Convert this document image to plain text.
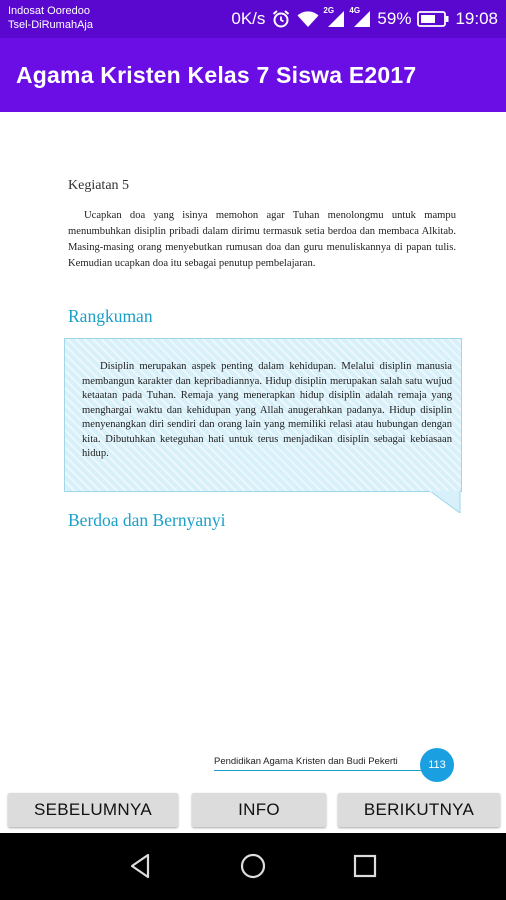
Indosat Ooredoo
Tsel-DiRumahAja	0K/s	2G 4G 59%	19:08
Agama Kristen Kelas 7 Siswa E2017
Kegiatan 5
Ucapkan doa yang isinya memohon agar Tuhan menolongmu untuk mampu menumbuhkan disiplin pribadi dalam dirimu termasuk setia berdoa dan membaca Alkitab. Masing-masing orang menyebutkan rumusan doa dan guru menuliskannya di papan tulis. Kemudian ucapkan doa itu sebagai penutup pembelajaran.
Rangkuman
Disiplin merupakan aspek penting dalam kehidupan. Melalui disiplin manusia membangun karakter dan kepribadiannya. Hidup disiplin merupakan salah satu wujud ketaatan pada Tuhan. Remaja yang menerapkan hidup disiplin adalah remaja yang menghargai waktu dan kehidupan yang Allah anugerahkan padanya. Hidup disiplin menyenangkan diri sendiri dan orang lain yang memiliki relasi atau hubungan dengan kita. Dibutuhkan keteguhan hati untuk terus menjadikan disiplin sebagai kebiasaan hidup.
Berdoa dan Bernyanyi
Pendidikan Agama Kristen dan Budi Pekerti	113
SEBELUMNYA	INFO	BERIKUTNYA
